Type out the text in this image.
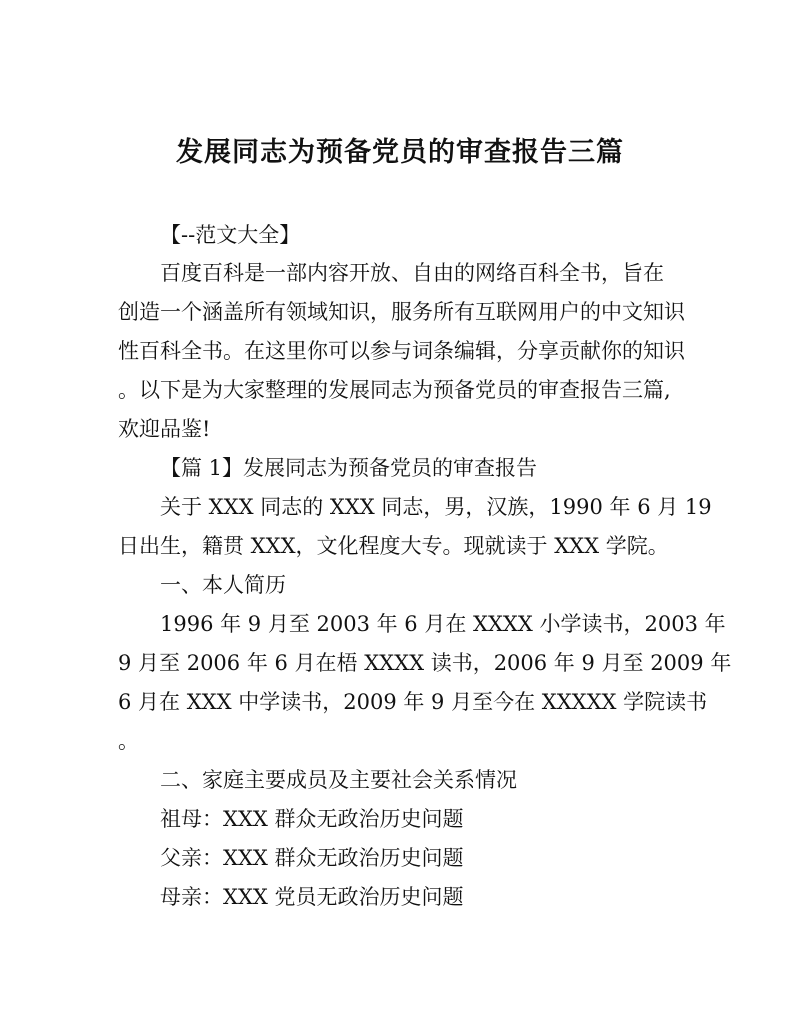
发展同志为预备党员的审查报告三篇
【--范文大全】
百度百科是一部内容开放、自由的网络百科全书，旨在
创造一个涵盖所有领域知识，服务所有互联网用户的中文知识
性百科全书。在这里你可以参与词条编辑，分享贡献你的知识
。以下是为大家整理的发展同志为预备党员的审查报告三篇,
欢迎品鉴!
【篇 1】发展同志为预备党员的审查报告
关于 XXX 同志的 XXX 同志，男，汉族，1990 年 6 月 19
日出生，籍贯 XXX，文化程度大专。现就读于 XXX 学院。
一、本人简历
1996 年 9 月至 2003 年 6 月在 XXXX 小学读书，2003 年
9 月至 2006 年 6 月在梧 XXXX 读书，2006 年 9 月至 2009 年
6 月在 XXX 中学读书，2009 年 9 月至今在 XXXXX 学院读书
。
二、家庭主要成员及主要社会关系情况
祖母：XXX 群众无政治历史问题
父亲：XXX 群众无政治历史问题
母亲：XXX 党员无政治历史问题
